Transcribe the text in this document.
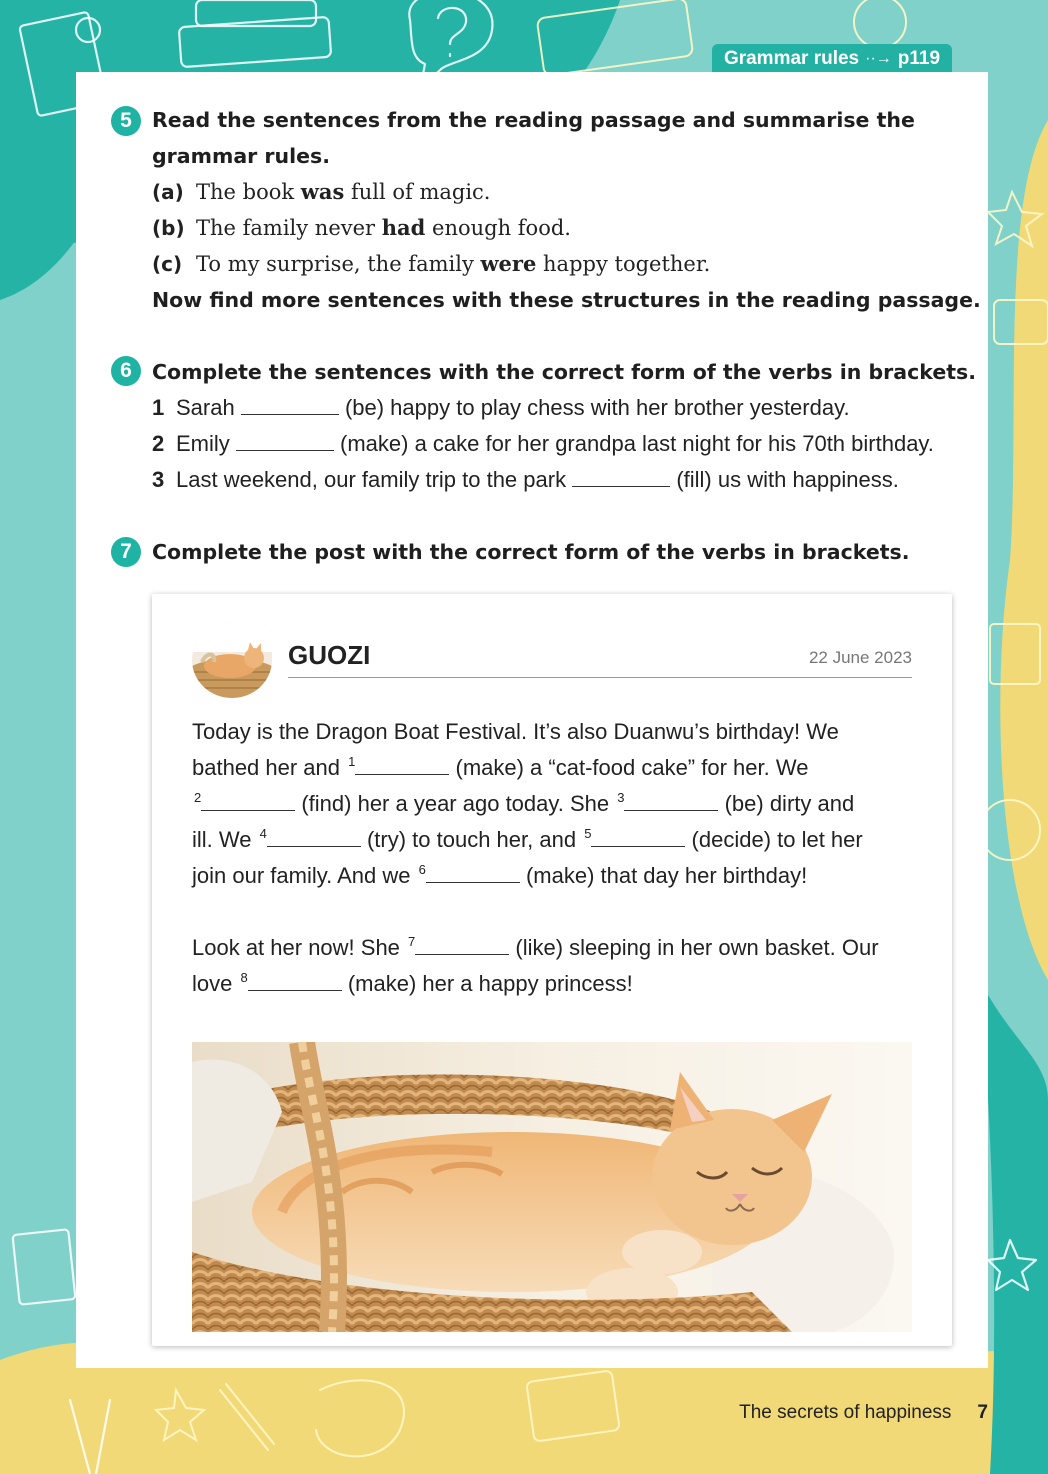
Grammar rules ··→ p119
5 Read the sentences from the reading passage and summarise the
grammar rules.
(a) The book was full of magic.
(b) The family never had enough food.
(c) To my surprise, the family were happy together.
Now find more sentences with these structures in the reading passage.
6 Complete the sentences with the correct form of the verbs in brackets.
1 Sarah	(be) happy to play chess with her brother yesterday.
2 Emily	(make) a cake for her grandpa last night for his 70th birthday.
3 Last weekend, our family trip to the park	(fill) us with happiness.
7 Complete the post with the correct form of the verbs in brackets.
GUOZI	22 June 2023
Today is the Dragon Boat Festival. It’s also Duanwu’s birthday! We
bathed her and $^1$	(make) a “cat-food cake” for her. We
$^2$	(find) her a year ago today. She $^3$	(be) dirty and
ill. We $^4$	(try) to touch her, and $^5$	(decide) to let her
join our family. And we $^6$	(make) that day her birthday!
Look at her now! She $^7$	(like) sleeping in her own basket. Our
love $^8$	(make) her a happy princess!
The secrets of happiness 7
